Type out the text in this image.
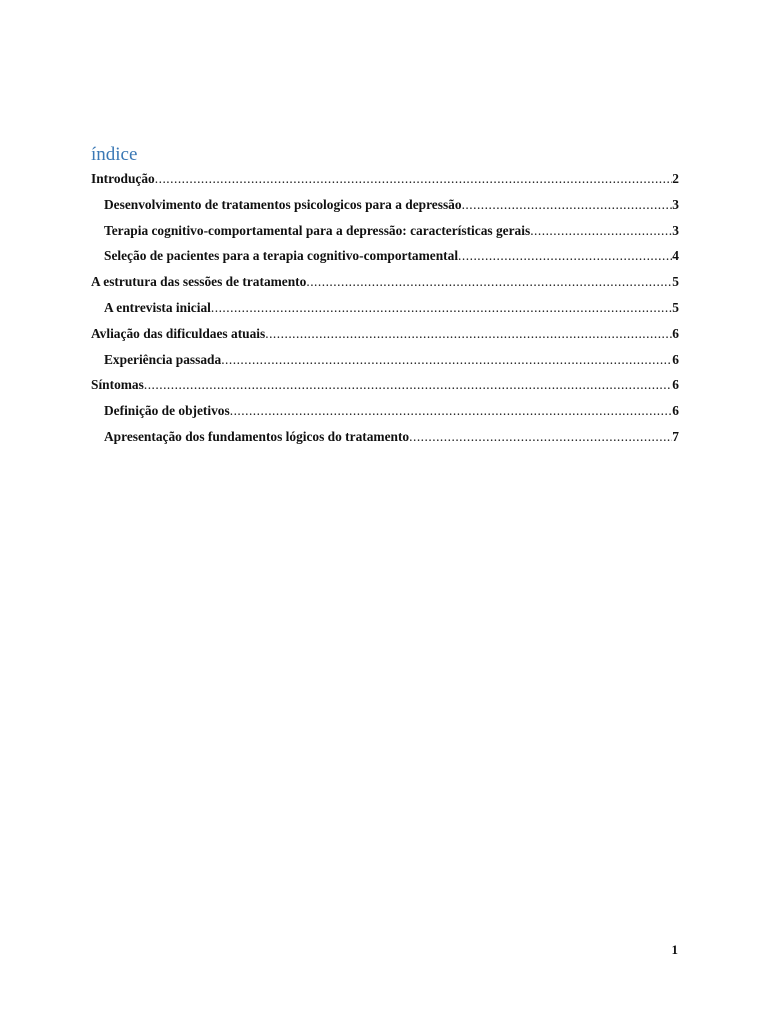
índice
Introdução .....	2
Desenvolvimento de tratamentos psicologicos para a depressão .....	3
Terapia cognitivo-comportamental para a depressão: características gerais .....	3
Seleção de pacientes para a terapia cognitivo-comportamental .....	4
A estrutura das sessões de tratamento .....	5
A entrevista inicial .....	5
Avliação das dificuldaes atuais .....	6
Experiência passada .....	6
Síntomas .....	6
Definição de objetivos .....	6
Apresentação dos fundamentos lógicos do tratamento .....	7
1
